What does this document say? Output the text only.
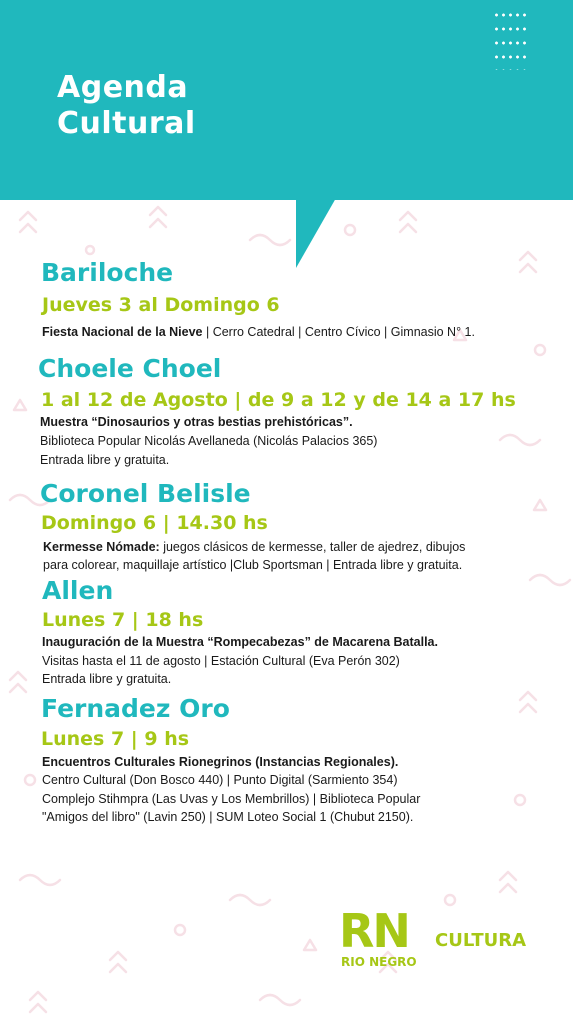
Agenda
Cultural
Bariloche
Jueves 3 al Domingo 6

Fiesta Nacional de la Nieve | Cerro Catedral | Centro Cívico | Gimnasio N° 1.

Choele Choel
1 al 12 de Agosto | de 9 a 12 y de 14 a 17 hs

Muestra “Dinosaurios y otras bestias prehistóricas”.

Biblioteca Popular Nicolás Avellaneda (Nicolás Palacios 365)

Entrada libre y gratuita.

Coronel Belisle
Domingo 6 | 14.30 hs

Kermesse Nómade: juegos clásicos de kermesse, taller de ajedrez, dibujos

para colorear, maquillaje artístico |Club Sportsman | Entrada libre y gratuita.

Allen
Lunes 7 | 18 hs

Inauguración de la Muestra “Rompecabezas” de Macarena Batalla.

Visitas hasta el 11 de agosto | Estación Cultural (Eva Perón 302)

Entrada libre y gratuita.

Fernadez Oro
Lunes 7 | 9 hs

Encuentros Culturales Rionegrinos (Instancias Regionales).

Centro Cultural (Don Bosco 440) | Punto Digital (Sarmiento 354)

Complejo Stihmpra (Las Uvas y Los Membrillos) | Biblioteca Popular

"Amigos del libro" (Lavin 250) | SUM Loteo Social 1 (Chubut 2150).

RN
RIO NEGRO
CULTURA
